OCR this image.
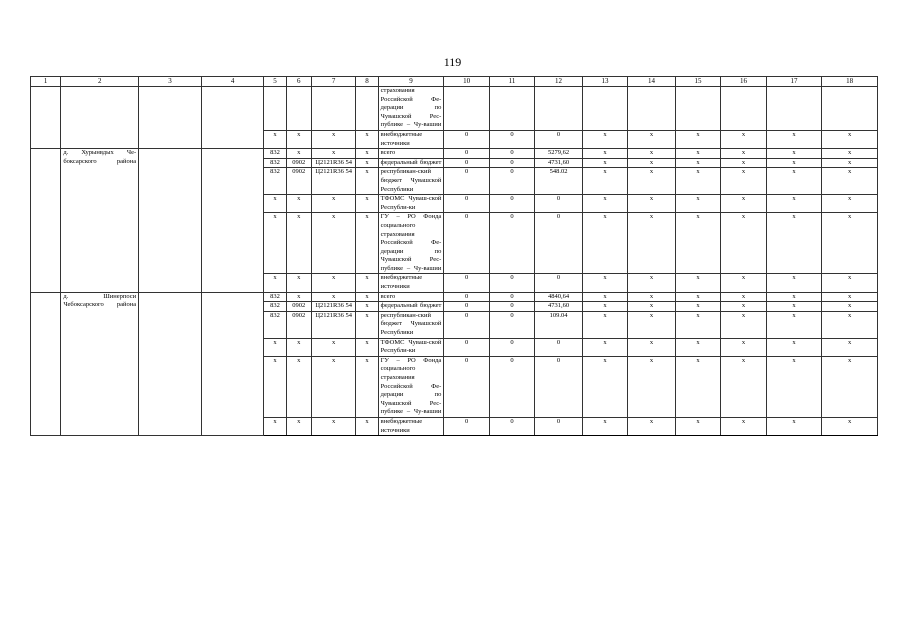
119
1	2	3	4	5	6	7	8	9	10	11	12	13	14	15	16	17	18
								страхования Российской Фе-дерации по Чувашской Рес-публике – Чу-вашии									
				x	x	x	x	внебюджетные источники	0	0	0	x	x	x	x	x	x
	д. Хурынвдых Че-боксарского района			832	x	x	x	всего	0	0	5279,62	x	x	x	x	x	x
				832	0902	Ц2121R36 54	x	федеральный бюджет	0	0	4731,60	x	x	x	x	x	x
				832	0902	Ц2121R36 54	x	республикан-ский бюджет Чувашской Республики	0	0	548.02	x	x	x	x	x	x
				x	x	x	x	ТФОМС Чуваш-ской Республи-ки	0	0	0	x	x	x	x	x	x
				x	x	x	x	ГУ – РО Фонда социального страхования Российской Фе-дерации по Чувашской Рес-публике – Чу-вашии	0	0	0	x	x	x	x	x	x
				x	x	x	x	внебюджетные источники	0	0	0	x	x	x	x	x	x
	д. Шинерпоси Чебоксарского района			832	x	x	x	всего	0	0	4840,64	x	x	x	x	x	x
				832	0902	Ц2121R36 54	x	федеральный бюджет	0	0	4731,60	x	x	x	x	x	x
				832	0902	Ц2121R36 54	x	республикан-ский бюджет Чувашской Республики	0	0	109.04	x	x	x	x	x	x
				x	x	x	x	ТФОМС Чуваш-ской Республи-ки	0	0	0	x	x	x	x	x	x
				x	x	x	x	ГУ – РО Фонда социального страхования Российской Фе-дерации по Чувашской Рес-публике – Чу-вашии	0	0	0	x	x	x	x	x	x
				x	x	x	x	внебюджетные источники	0	0	0	x	x	x	x	x	x
